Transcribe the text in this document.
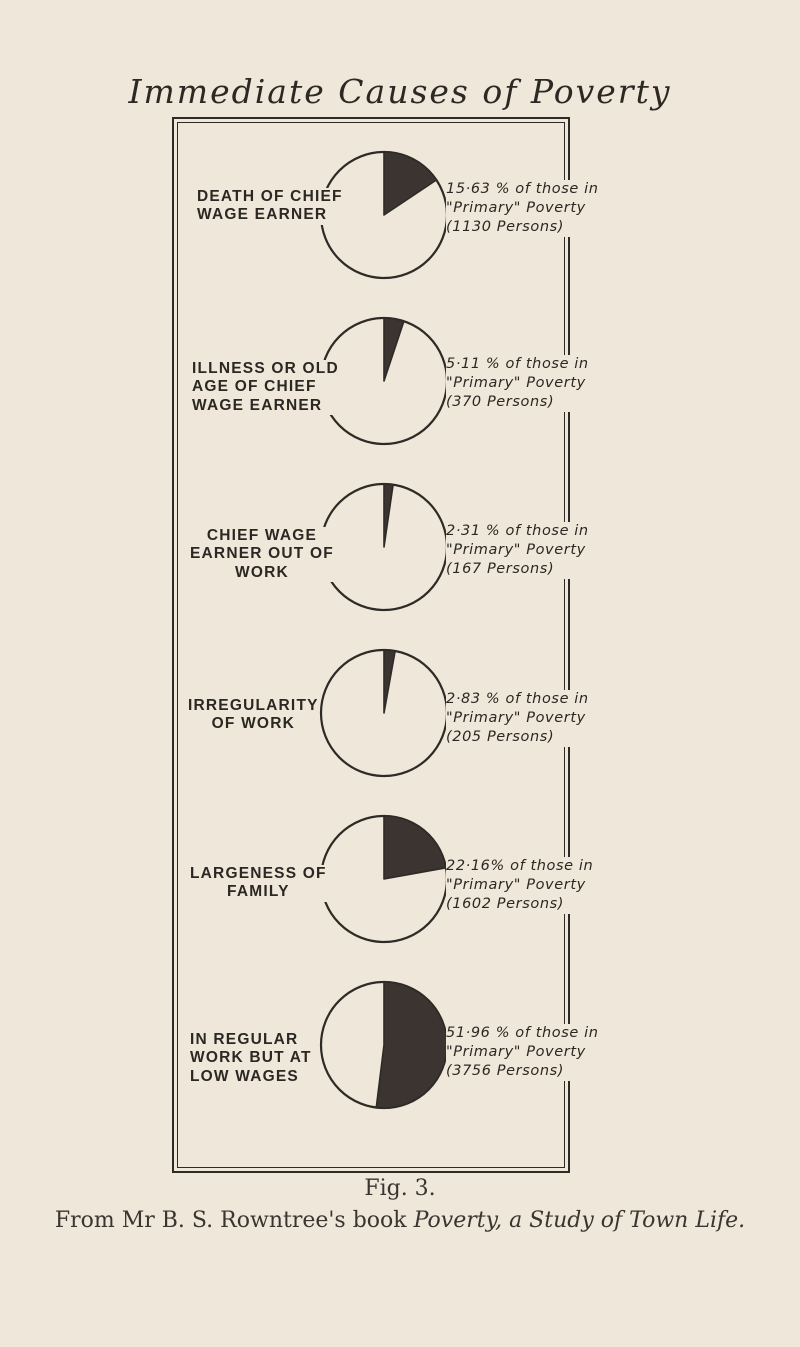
Immediate Causes of Poverty
DEATH OF CHIEF
WAGE EARNER
15·63 % of those in
"Primary" Poverty
(1130 Persons)
ILLNESS OR OLD
AGE OF CHIEF
WAGE EARNER
5·11 % of those in
"Primary" Poverty
(370 Persons)
CHIEF WAGE
EARNER OUT OF
WORK
2·31 % of those in
"Primary" Poverty
(167 Persons)
IRREGULARITY
OF WORK
2·83 % of those in
"Primary" Poverty
(205 Persons)
LARGENESS OF
FAMILY
22·16% of those in
"Primary" Poverty
(1602 Persons)
IN REGULAR
WORK BUT AT
LOW WAGES
51·96 % of those in
"Primary" Poverty
(3756 Persons)
Fig. 3.
From Mr B. S. Rowntree's book Poverty, a Study of Town Life.
